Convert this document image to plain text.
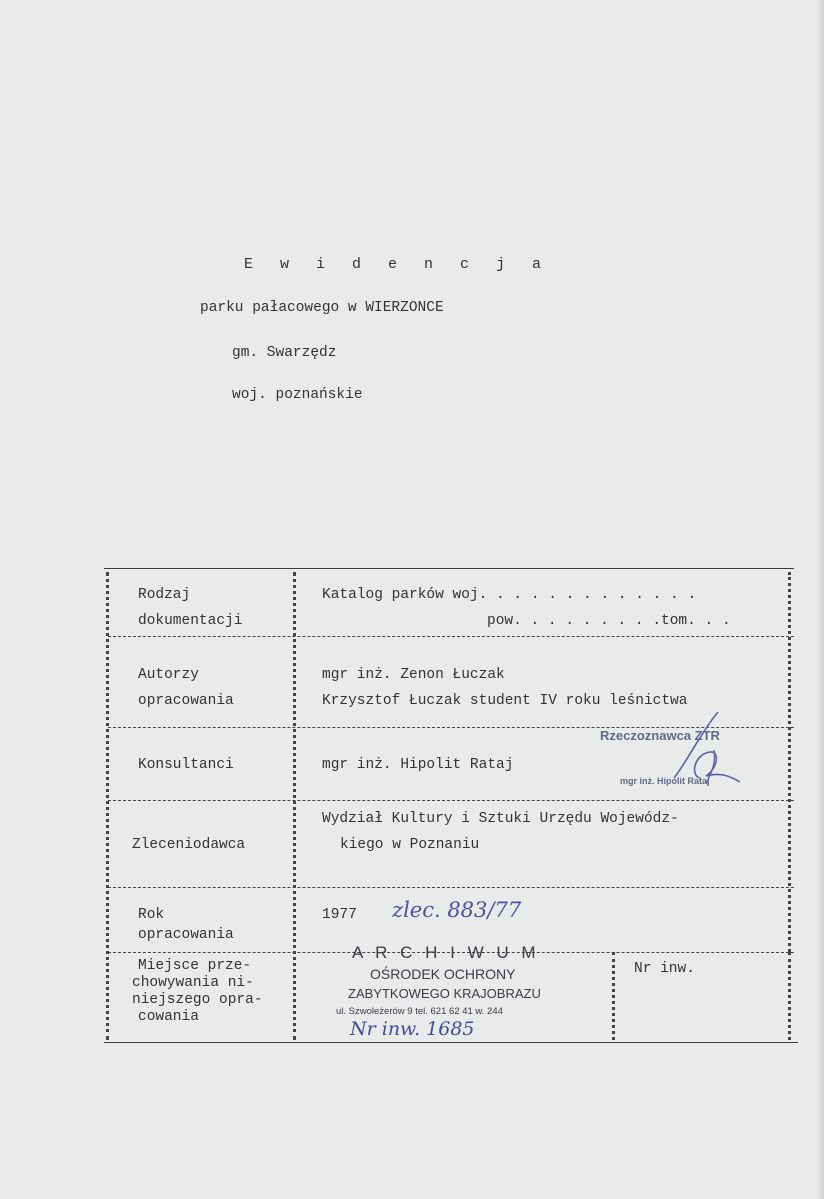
E w i d e n c j a
parku pałacowego w WIERZONCE
gm. Swarzędz
woj. poznańskie
Rodzaj
dokumentacji
Katalog parków woj. . . . . . . . . . . . .
pow. . . . . . . . .tom. . .
Autorzy
opracowania
mgr inż. Zenon Łuczak
Krzysztof Łuczak student IV roku leśnictwa
Konsultanci	mgr inż. Hipolit Rataj
Zleceniodawca
Wydział Kultury i Sztuki Urzędu Wojewódz-
kiego w Poznaniu
Rok
opracowania
1977 zlec. 883/77
Miejsce prze-
chowywania ni-
niejszego opra-
cowania
Nr inw.
A R C H I W U M
OŚRODEK OCHRONY
ZABYTKOWEGO KRAJOBRAZU
ul. Szwoleżerów 9 tel. 621 62 41 w. 244
Nr inw. 1685
Rzeczoznawca ZTR
mgr inż. Hipolit Rataj
